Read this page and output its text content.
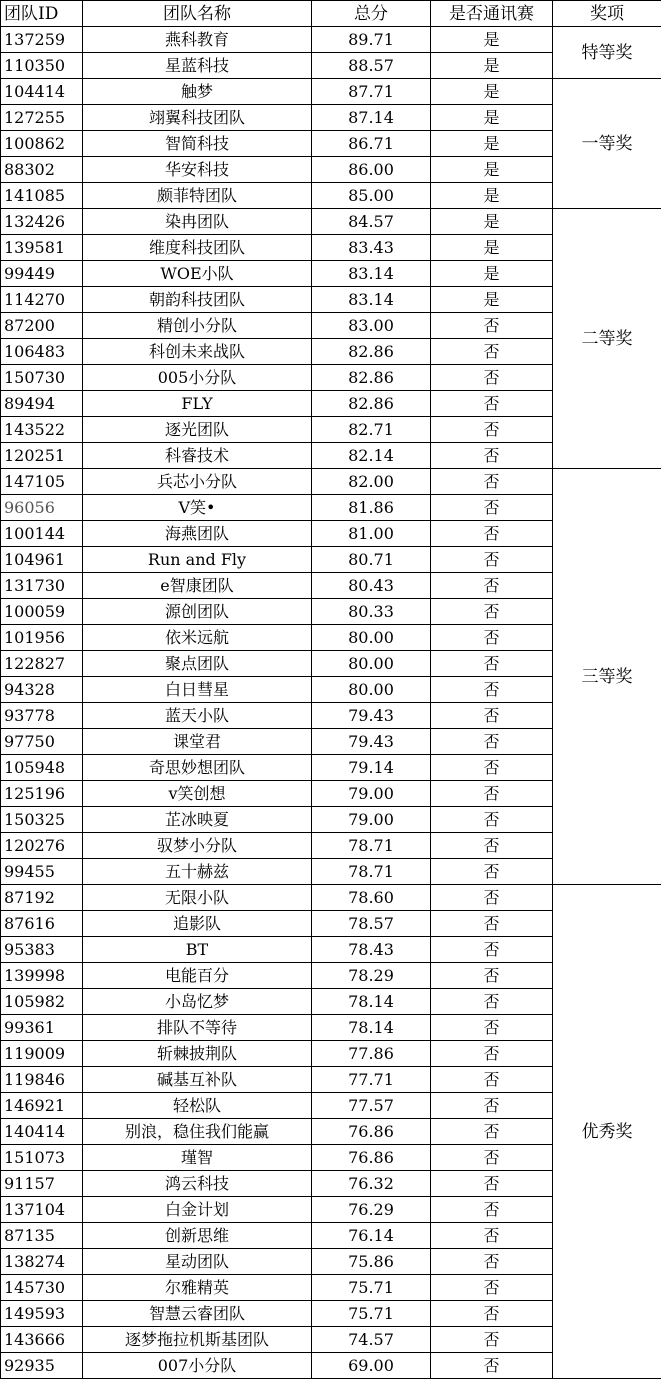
团队ID	团队名称	总分	是否通讯赛	奖项
137259	燕科教育	89.71	是	特等奖
110350	星蓝科技	88.57	是	
104414	触梦	87.71	是	一等奖
127255	翊翼科技团队	87.14	是	
100862	智简科技	86.71	是	
88302	华安科技	86.00	是	
141085	颇菲特团队	85.00	是	
132426	染冉团队	84.57	是	二等奖
139581	维度科技团队	83.43	是	
99449	WOE小队	83.14	是	
114270	朝韵科技团队	83.14	是	
87200	精创小分队	83.00	否	
106483	科创未来战队	82.86	否	
150730	005小分队	82.86	否	
89494	FLY	82.86	否	
143522	逐光团队	82.71	否	
120251	科睿技术	82.14	否	
147105	兵芯小分队	82.00	否	三等奖
96056	V笑•	81.86	否	
100144	海燕团队	81.00	否	
104961	Run and Fly	80.71	否	
131730	e智康团队	80.43	否	
100059	源创团队	80.33	否	
101956	依米远航	80.00	否	
122827	聚点团队	80.00	否	
94328	白日彗星	80.00	否	
93778	蓝天小队	79.43	否	
97750	课堂君	79.43	否	
105948	奇思妙想团队	79.14	否	
125196	v笑创想	79.00	否	
150325	芷冰映夏	79.00	否	
120276	驭梦小分队	78.71	否	
99455	五十赫兹	78.71	否	
87192	无限小队	78.60	否	优秀奖
87616	追影队	78.57	否	
95383	BT	78.43	否	
139998	电能百分	78.29	否	
105982	小岛忆梦	78.14	否	
99361	排队不等待	78.14	否	
119009	斩棘披荆队	77.86	否	
119846	碱基互补队	77.71	否	
146921	轻松队	77.57	否	
140414	别浪，稳住我们能赢	76.86	否	
151073	瑾智	76.86	否	
91157	鸿云科技	76.32	否	
137104	白金计划	76.29	否	
87135	创新思维	76.14	否	
138274	星动团队	75.86	否	
145730	尔雅精英	75.71	否	
149593	智慧云睿团队	75.71	否	
143666	逐梦拖拉机斯基团队	74.57	否	
92935	007小分队	69.00	否	
